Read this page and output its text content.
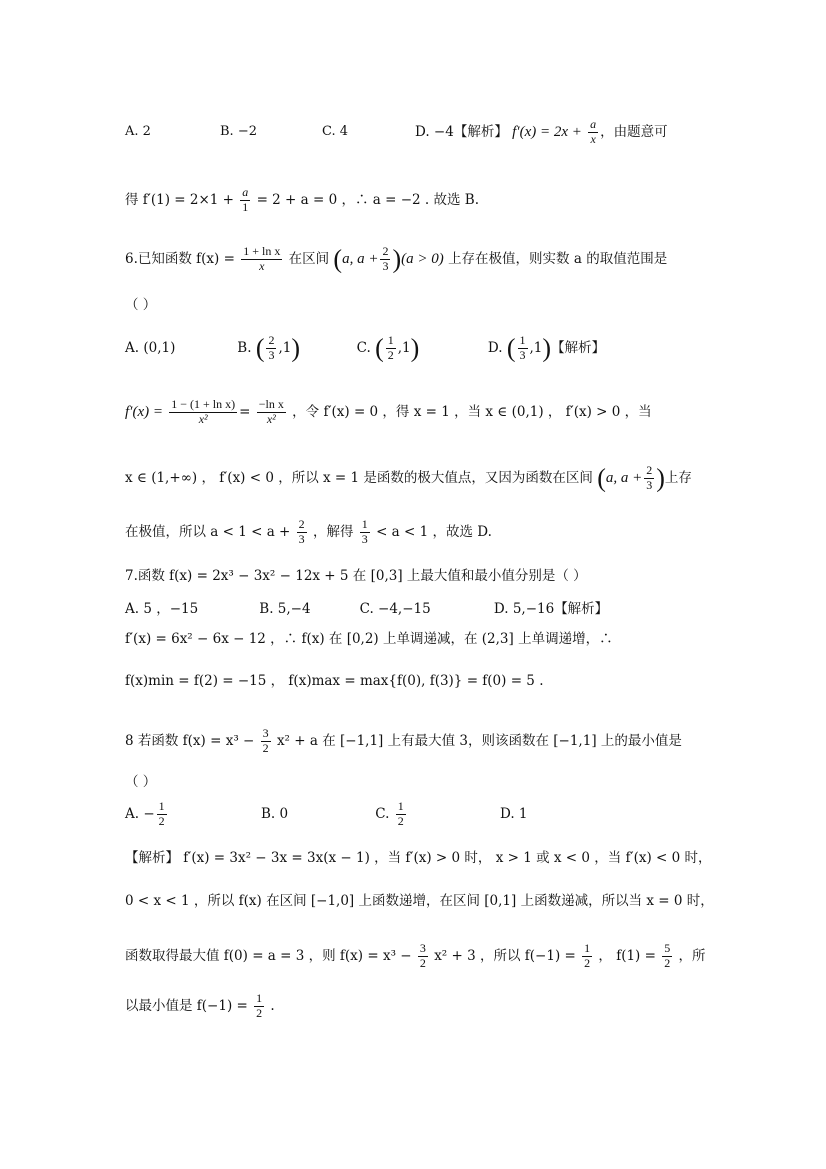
A. 2	B. −2	C. 4	D. −4【解析】 $f'(x) = 2x + \frac{a}{x}$ ，由题意可
得 $f'(1) = 2\times 1 + \frac{a}{1} = 2 + a = 0$ ，∴ a = −2 . 故选 B.
6.已知函数 $f(x) = \frac{\text{1 + ln x}}{x}$ 在区间 (a, $a + \frac{2}{3} )(a > 0)$ 上存在极值，则实数 a 的取值范围是
（ ）
A. (0,1)	B. ( $\frac{2}{3} ,1$)	C. ( $\frac{1}{2} ,1$)	D. ( $\frac{1}{3} ,1$)【解析】
$f'(x) = \frac{\text{1 − (1 + ln x)}}{\text{x²}} = \frac{\text{−ln x}}{\text{x²}}$ ，令 f′(x) = 0 ，得 x = 1 ，当 x ∈ (0,1) ， f′(x) > 0 ，当
x ∈ (1,+∞) ， f′(x) < 0 ，所以 x = 1 是函数的极大值点，又因为函数在区间 (a, $a + \frac{2}{3}$ )上存
在极值，所以 $a < 1 < a + \frac{2}{3}$ ，解得 $\frac{1}{3} < a < 1$ ，故选 D.
7.函数 f(x) = 2x³ − 3x² − 12x + 5 在 [0,3] 上最大值和最小值分别是（ ）
A. 5 ，−15	B. 5,−4	C. −4,−15	D. 5,−16【解析】
f′(x) = 6x² − 6x − 12 ，∴ f(x) 在 [0,2) 上单调递减，在 (2,3] 上单调递增，∴
f(x)min = f(2) = −15 ， f(x)max = max{f(0), f(3)} = f(0) = 5 .
8 若函数 $f(x) = x^3 - \frac{3}{2} x^2 + a$ 在 [−1,1] 上有最大值 3，则该函数在 [−1,1] 上的最小值是
（ ）
A. − $\frac{1}{2}$	B. 0	C. $\frac{1}{2}$	D. 1
【解析】 f′(x) = 3x² − 3x = 3x(x − 1) ，当 f′(x) > 0 时， x > 1 或 x < 0 ，当 f′(x) < 0 时，
0 < x < 1 ，所以 f(x) 在区间 [−1,0] 上函数递增，在区间 [0,1] 上函数递减，所以当 x = 0 时，
函数取得最大值 f(0) = a = 3 ，则 $f(x) = x^3 - \frac{3}{2} x^2 + 3$ ，所以 $f(-1) = \frac{1}{2}$ ， $f(1) = \frac{5}{2}$ ，所
以最小值是 $f(-1) = \frac{1}{2}$ .
